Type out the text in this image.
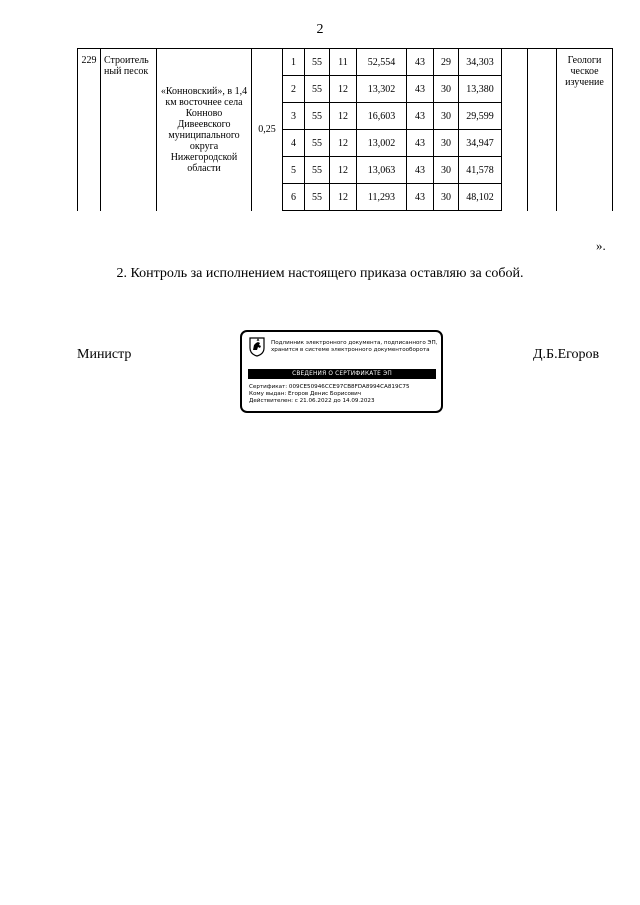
2
229	Строитель ный песок	«Конновский», в 1,4 км восточнее села Конново Дивеевского муниципального округа Нижегородской области	0,25	1	55	11	52,554	43	29	34,303			Геологи ческое изучение
				2	55	12	13,302	43	30	13,380			
				3	55	12	16,603	43	30	29,599			
				4	55	12	13,002	43	30	34,947			
				5	55	12	13,063	43	30	41,578			
				6	55	12	11,293	43	30	48,102			
».
2. Контроль за исполнением настоящего приказа оставляю за собой.
Министр	Д.Б.Егоров
Подлинник электронного документа, подписанного ЭП,
хранится в системе электронного документооборота
СВЕДЕНИЯ О СЕРТИФИКАТЕ ЭП
Сертификат: 009CE50946CCE97CB8FDA8994CA819C75
Кому выдан: Егоров Денис Борисович
Действителен: с 21.06.2022 до 14.09.2023
